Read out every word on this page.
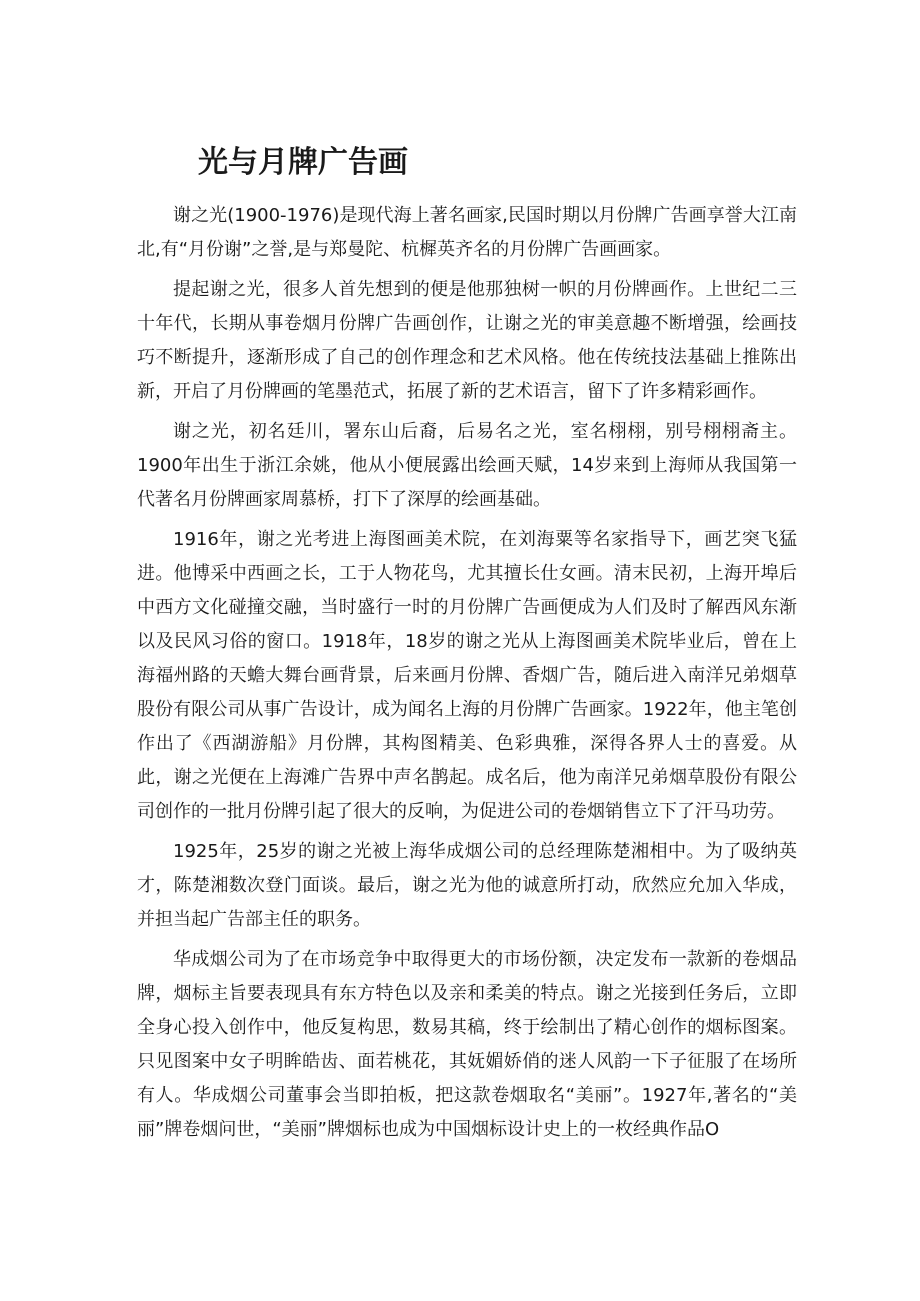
光与月牌广告画

谢之光(1900-1976)是现代海上著名画家,民国时期以月份牌广告画享誉大江南北,有“月份谢”之誉,是与郑曼陀、杭樨英齐名的月份牌广告画画家。

提起谢之光，很多人首先想到的便是他那独树一帜的月份牌画作。上世纪二三十年代，长期从事卷烟月份牌广告画创作，让谢之光的审美意趣不断增强，绘画技巧不断提升，逐渐形成了自己的创作理念和艺术风格。他在传统技法基础上推陈出新，开启了月份牌画的笔墨范式，拓展了新的艺术语言，留下了许多精彩画作。

谢之光，初名廷川，署东山后裔，后易名之光，室名栩栩，别号栩栩斋主。1900年出生于浙江余姚，他从小便展露出绘画天赋，14岁来到上海师从我国第一代著名月份牌画家周慕桥，打下了深厚的绘画基础。

1916年，谢之光考进上海图画美术院，在刘海粟等名家指导下，画艺突飞猛进。他博采中西画之长，工于人物花鸟，尤其擅长仕女画。清末民初，上海开埠后中西方文化碰撞交融，当时盛行一时的月份牌广告画便成为人们及时了解西风东渐以及民风习俗的窗口。1918年，18岁的谢之光从上海图画美术院毕业后，曾在上海福州路的天蟾大舞台画背景，后来画月份牌、香烟广告，随后进入南洋兄弟烟草股份有限公司从事广告设计，成为闻名上海的月份牌广告画家。1922年，他主笔创作出了《西湖游船》月份牌，其构图精美、色彩典雅，深得各界人士的喜爱。从此，谢之光便在上海滩广告界中声名鹊起。成名后，他为南洋兄弟烟草股份有限公司创作的一批月份牌引起了很大的反响，为促进公司的卷烟销售立下了汗马功劳。

1925年，25岁的谢之光被上海华成烟公司的总经理陈楚湘相中。为了吸纳英才，陈楚湘数次登门面谈。最后，谢之光为他的诚意所打动，欣然应允加入华成，并担当起广告部主任的职务。

华成烟公司为了在市场竞争中取得更大的市场份额，决定发布一款新的卷烟品牌，烟标主旨要表现具有东方特色以及亲和柔美的特点。谢之光接到任务后，立即全身心投入创作中，他反复构思，数易其稿，终于绘制出了精心创作的烟标图案。只见图案中女子明眸皓齿、面若桃花，其妩媚娇俏的迷人风韵一下子征服了在场所有人。华成烟公司董事会当即拍板，把这款卷烟取名“美丽”。1927年,著名的“美丽”牌卷烟问世，“美丽”牌烟标也成为中国烟标设计史上的一枚经典作品O
